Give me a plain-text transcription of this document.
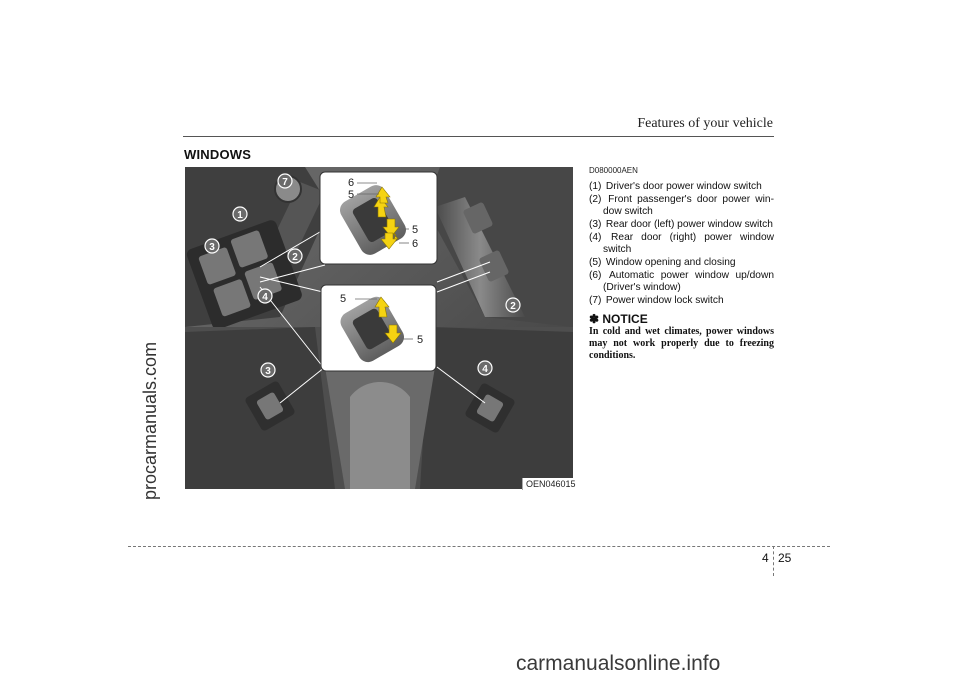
Features of your vehicle
WINDOWS
1
2
2
3
3
4
4
7	6
5
5
6
5
5
OEN046015
D080000AEN
(1) Driver's door power window switch
(2) Front passenger's door power win- dow switch
(3) Rear door (left) power window switch
(4) Rear door (right) power window switch
(5) Window opening and closing
(6) Automatic power window up/down (Driver's window)
(7) Power window lock switch
✽ NOTICE
In cold and wet climates, power windows may not work properly due to freezing conditions.
4 25
procarmanuals.com
carmanualsonline.info
